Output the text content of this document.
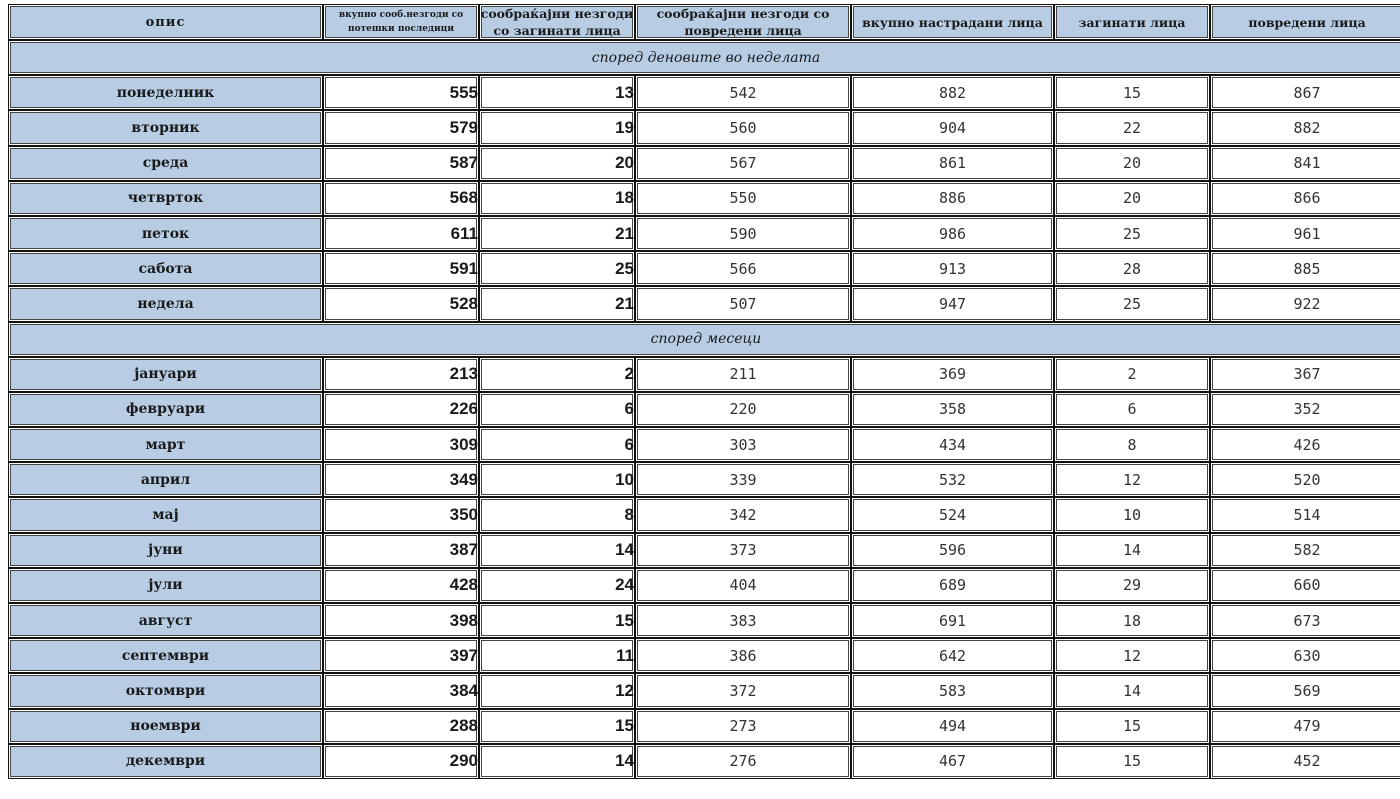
опис	вкупно сооб.незгоди со потешки последици	сообраќајни незгоди со загинати лица	сообраќајни незгоди со повредени лица	вкупно настрадани лица	загинати лица	повредени лица
според деновите во неделата						
понеделник	555	13	542	882	15	867
вторник	579	19	560	904	22	882
среда	587	20	567	861	20	841
четврток	568	18	550	886	20	866
петок	611	21	590	986	25	961
сабота	591	25	566	913	28	885
недела	528	21	507	947	25	922
според месеци						
јануари	213	2	211	369	2	367
февруари	226	6	220	358	6	352
март	309	6	303	434	8	426
април	349	10	339	532	12	520
мај	350	8	342	524	10	514
јуни	387	14	373	596	14	582
јули	428	24	404	689	29	660
август	398	15	383	691	18	673
септември	397	11	386	642	12	630
октомври	384	12	372	583	14	569
ноември	288	15	273	494	15	479
декември	290	14	276	467	15	452
